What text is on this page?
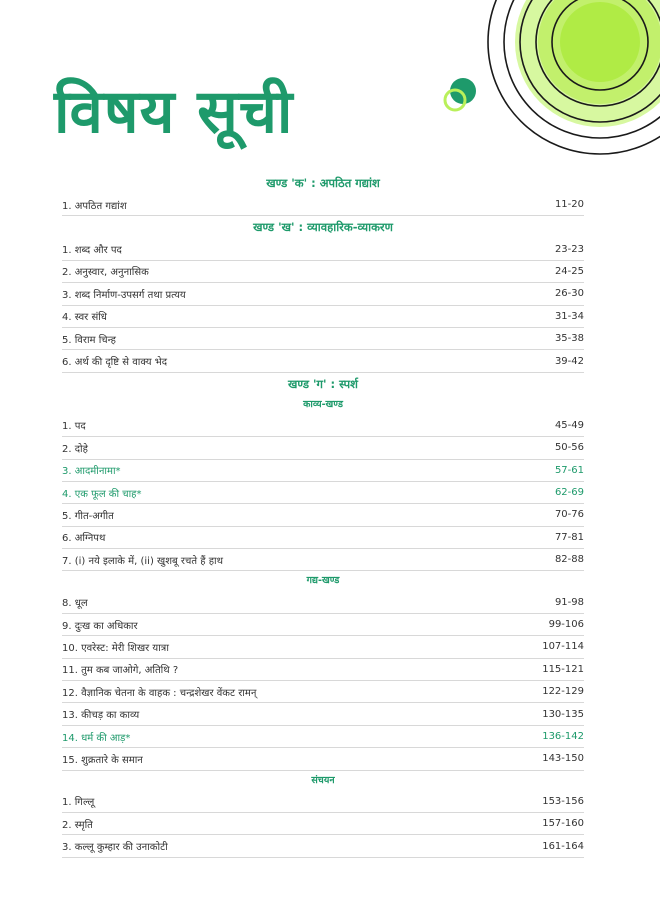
विषय सूची
खण्ड 'क' : अपठित गद्यांश
1. अपठित गद्यांश	11-20
खण्ड 'ख' : व्यावहारिक-व्याकरण
1. शब्द और पद	23-23
2. अनुस्वार, अनुनासिक	24-25
3. शब्द निर्माण-उपसर्ग तथा प्रत्यय	26-30
4. स्वर संधि	31-34
5. विराम चिन्ह	35-38
6. अर्थ की दृष्टि से वाक्य भेद	39-42
खण्ड 'ग' : स्पर्श
काव्य-खण्ड
1. पद	45-49
2. दोहे	50-56
3. आदमीनामा*	57-61
4. एक फूल की चाह*	62-69
5. गीत-अगीत	70-76
6. अग्निपथ	77-81
7. (i) नये इलाके में, (ii) खुशबू रचते हैं हाथ	82-88
गद्य-खण्ड
8. धूल	91-98
9. दुःख का अधिकार	99-106
10. एवरेस्ट: मेरी शिखर यात्रा	107-114
11. तुम कब जाओगे, अतिथि ?	115-121
12. वैज्ञानिक चेतना के वाहक : चन्द्रशेखर वेंकट रामन्	122-129
13. कीचड़ का काव्य	130-135
14. धर्म की आड़*	136-142
15. शुक्रतारे के समान	143-150
संचयन
1. गिल्लू	153-156
2. स्मृति	157-160
3. कल्लू कुम्हार की उनाकोटी	161-164
